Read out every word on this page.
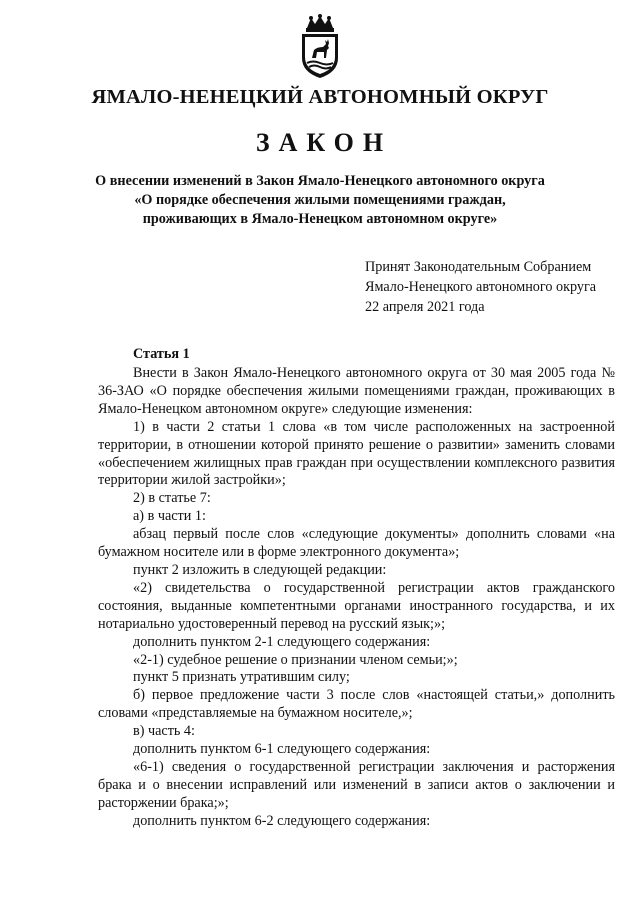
ЯМАЛО-НЕНЕЦКИЙ АВТОНОМНЫЙ ОКРУГ
ЗАКОН
О внесении изменений в Закон Ямало-Ненецкого автономного округа
«О порядке обеспечения жилыми помещениями граждан,
проживающих в Ямало-Ненецком автономном округе»
Принят Законодательным Собранием
Ямало-Ненецкого автономного округа
22 апреля 2021 года

Статья 1

Внести в Закон Ямало-Ненецкого автономного округа от 30 мая 2005 года № 36-ЗАО «О порядке обеспечения жилыми помещениями граждан, проживающих в Ямало-Ненецком автономном округе» следующие изменения:

1) в части 2 статьи 1 слова «в том числе расположенных на застроенной территории, в отношении которой принято решение о развитии» заменить словами «обеспечением жилищных прав граждан при осуществлении комплексного развития территории жилой застройки»;

2) в статье 7:

а) в части 1:

абзац первый после слов «следующие документы» дополнить словами «на бумажном носителе или в форме электронного документа»;

пункт 2 изложить в следующей редакции:

«2) свидетельства о государственной регистрации актов гражданского состояния, выданные компетентными органами иностранного государства, и их нотариально удостоверенный перевод на русский язык;»;

дополнить пунктом 2-1 следующего содержания:

«2-1) судебное решение о признании членом семьи;»;

пункт 5 признать утратившим силу;

б) первое предложение части 3 после слов «настоящей статьи,» дополнить словами «представляемые на бумажном носителе,»;

в) часть 4:

дополнить пунктом 6-1 следующего содержания:

«6-1) сведения о государственной регистрации заключения и расторжения брака и о внесении исправлений или изменений в записи актов о заключении и расторжении брака;»;

дополнить пунктом 6-2 следующего содержания:
